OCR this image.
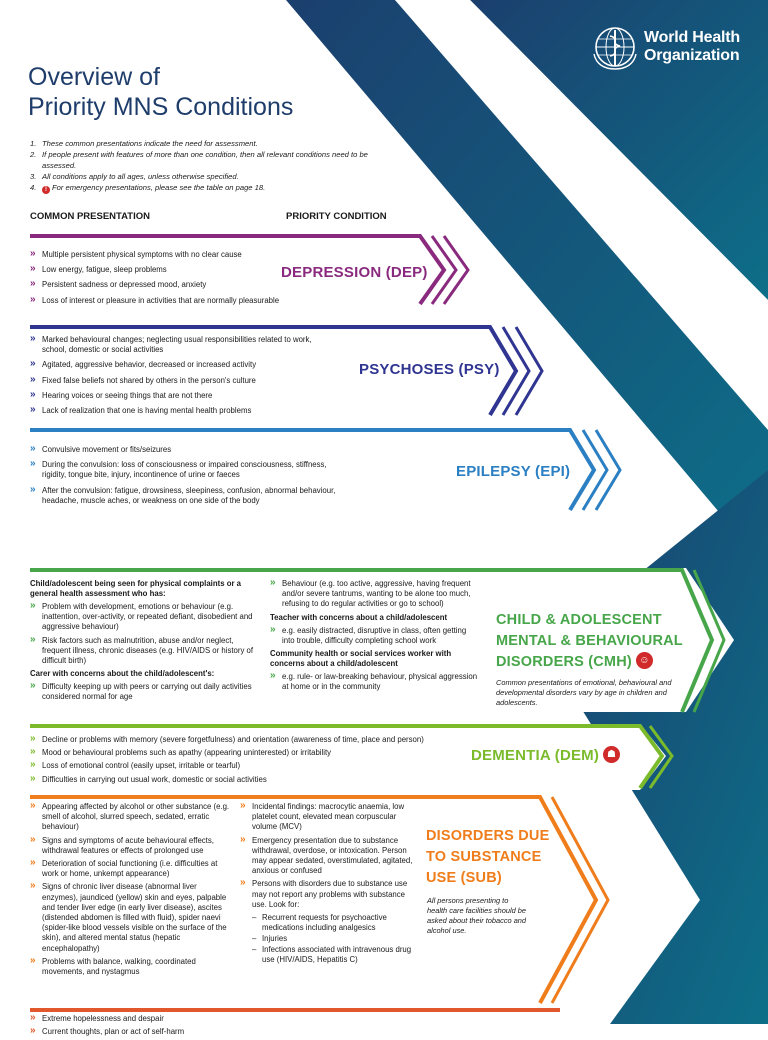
World Health
Organization
Overview of
Priority MNS Conditions
1. These common presentations indicate the need for assessment.
2. If people present with features of more than one condition, then all relevant conditions need to be assessed.
3. All conditions apply to all ages, unless otherwise specified.
4. ! For emergency presentations, please see the table on page 18.
COMMON PRESENTATION	PRIORITY CONDITION
» Multiple persistent physical symptoms with no clear cause
» Low energy, fatigue, sleep problems
» Persistent sadness or depressed mood, anxiety
» Loss of interest or pleasure in activities that are normally pleasurable
DEPRESSION (DEP)
» Marked behavioural changes; neglecting usual responsibilities related to work, school, domestic or social activities
» Agitated, aggressive behavior, decreased or increased activity
» Fixed false beliefs not shared by others in the person's culture
» Hearing voices or seeing things that are not there
» Lack of realization that one is having mental health problems
PSYCHOSES (PSY)
» Convulsive movement or fits/seizures
» During the convulsion: loss of consciousness or impaired consciousness, stiffness, rigidity, tongue bite, injury, incontinence of urine or faeces
» After the convulsion: fatigue, drowsiness, sleepiness, confusion, abnormal behaviour, headache, muscle aches, or weakness on one side of the body
EPILEPSY (EPI)

Child/adolescent being seen for physical complaints or a general health assessment who has:

» Problem with development, emotions or behaviour (e.g. inattention, over-activity, or repeated defiant, disobedient and aggressive behaviour)
» Risk factors such as malnutrition, abuse and/or neglect, frequent illness, chronic diseases (e.g. HIV/AIDS or history of difficult birth)

Carer with concerns about the child/adolescent's:

» Difficulty keeping up with peers or carrying out daily activities considered normal for age
» Behaviour (e.g. too active, aggressive, having frequent and/or severe tantrums, wanting to be alone too much, refusing to do regular activities or go to school)

Teacher with concerns about a child/adolescent

» e.g. easily distracted, disruptive in class, often getting into trouble, difficulty completing school work

Community health or social services worker with concerns about a child/adolescent

» e.g. rule- or law-breaking behaviour, physical aggression at home or in the community
CHILD & ADOLESCENT
MENTAL & BEHAVIOURAL
DISORDERS (CMH) ☺
Common presentations of emotional, behavioural and developmental disorders vary by age in children and adolescents.
» Decline or problems with memory (severe forgetfulness) and orientation (awareness of time, place and person)
» Mood or behavioural problems such as apathy (appearing uninterested) or irritability
» Loss of emotional control (easily upset, irritable or tearful)
» Difficulties in carrying out usual work, domestic or social activities
DEMENTIA (DEM) ☗
» Appearing affected by alcohol or other substance (e.g. smell of alcohol, slurred speech, sedated, erratic behaviour)
» Signs and symptoms of acute behavioural effects, withdrawal features or effects of prolonged use
» Deterioration of social functioning (i.e. difficulties at work or home, unkempt appearance)
» Signs of chronic liver disease (abnormal liver enzymes), jaundiced (yellow) skin and eyes, palpable and tender liver edge (in early liver disease), ascites (distended abdomen is filled with fluid), spider naevi (spider-like blood vessels visible on the surface of the skin), and altered mental status (hepatic encephalopathy)
» Problems with balance, walking, coordinated movements, and nystagmus
» Incidental findings: macrocytic anaemia, low platelet count, elevated mean corpuscular volume (MCV)
» Emergency presentation due to substance withdrawal, overdose, or intoxication. Person may appear sedated, overstimulated, agitated, anxious or confused
» Persons with disorders due to substance use may not report any problems with substance use. Look for:
– Recurrent requests for psychoactive medications including analgesics
– Injuries
– Infections associated with intravenous drug use (HIV/AIDS, Hepatitis C)
DISORDERS DUE
TO SUBSTANCE
USE (SUB)
All persons presenting to health care facilities should be asked about their tobacco and alcohol use.
» Extreme hopelessness and despair
» Current thoughts, plan or act of self-harm
